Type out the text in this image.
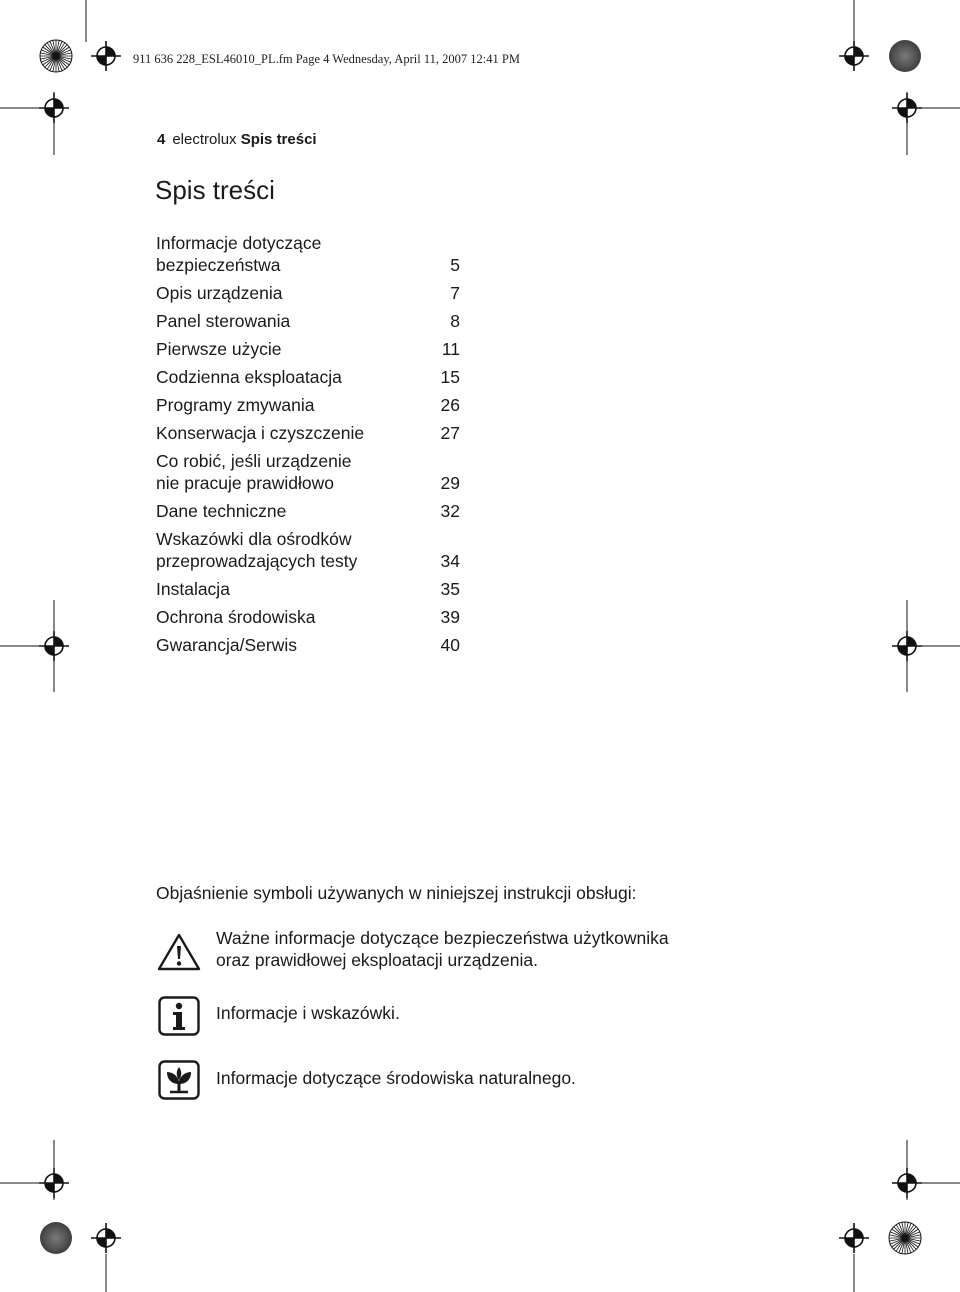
911 636 228_ESL46010_PL.fm Page 4 Wednesday, April 11, 2007 12:41 PM
4 electrolux Spis treści
Spis treści
Informacje dotyczące
bezpieczeństwa	5
Opis urządzenia	7
Panel sterowania	8
Pierwsze użycie	11
Codzienna eksploatacja	15
Programy zmywania	26
Konserwacja i czyszczenie	27
Co robić, jeśli urządzenie
nie pracuje prawidłowo	29
Dane techniczne	32
Wskazówki dla ośrodków
przeprowadzających testy	34
Instalacja	35
Ochrona środowiska	39
Gwarancja/Serwis	40
Objaśnienie symboli używanych w niniejszej instrukcji obsługi:
Ważne informacje dotyczące bezpieczeństwa użytkownika
oraz prawidłowej eksploatacji urządzenia.
Informacje i wskazówki.
Informacje dotyczące środowiska naturalnego.
